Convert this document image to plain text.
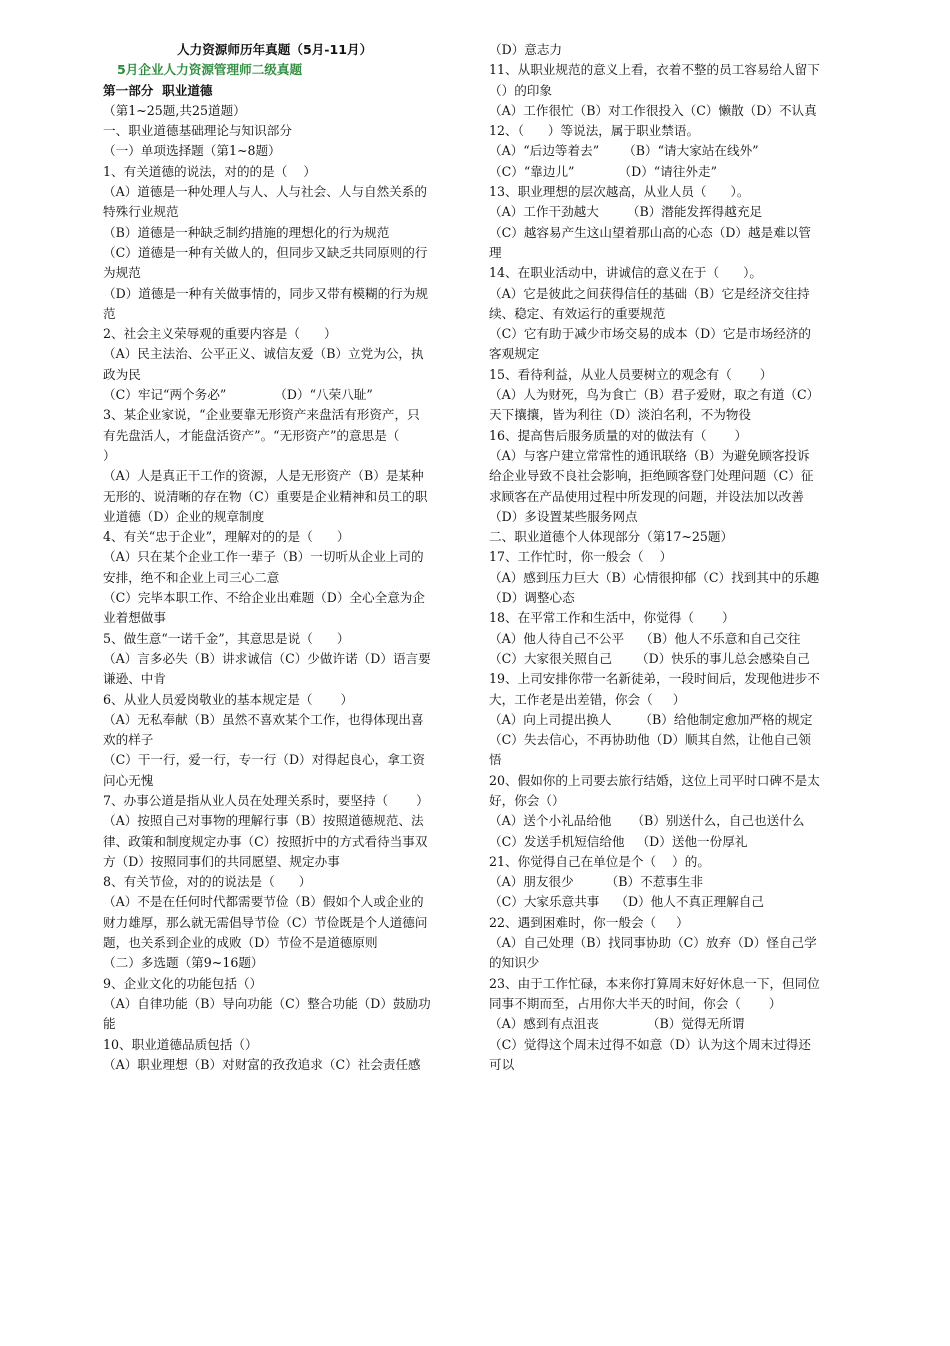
人力资源师历年真题（5月-11月）
5月企业人力资源管理师二级真题
第一部分  职业道德
（第1~25题,共25道题）
一、职业道德基础理论与知识部分
（一）单项选择题（第1~8题）
1、有关道德的说法，对的的是（    ）
（A）道德是一种处理人与人、人与社会、人与自然关系的
特殊行业规范
（B）道德是一种缺乏制约措施的理想化的行为规范
（C）道德是一种有关做人的，但同步又缺乏共同原则的行
为规范
（D）道德是一种有关做事情的，同步又带有模糊的行为规
范
2、社会主义荣辱观的重要内容是（      ）
（A）民主法治、公平正义、诚信友爱（B）立党为公，执
政为民
（C）牢记“两个务必”            （D）“八荣八耻”
3、某企业家说，“企业要靠无形资产来盘活有形资产，只
有先盘活人，才能盘活资产”。“无形资产”的意思是（
）
（A）人是真正干工作的资源，人是无形资产（B）是某种
无形的、说清晰的存在物（C）重要是企业精神和员工的职
业道德（D）企业的规章制度
4、有关“忠于企业”，理解对的的是（      ）
（A）只在某个企业工作一辈子（B）一切听从企业上司的
安排，绝不和企业上司三心二意
（C）完毕本职工作、不给企业出难题（D）全心全意为企
业着想做事
5、做生意“一诺千金”，其意思是说（      ）
（A）言多必失（B）讲求诚信（C）少做许诺（D）语言要
谦逊、中肯
6、从业人员爱岗敬业的基本规定是（       ）
（A）无私奉献（B）虽然不喜欢某个工作，也得体现出喜
欢的样子
（C）干一行，爱一行，专一行（D）对得起良心，拿工资
问心无愧
7、办事公道是指从业人员在处理关系时，要坚持（       ）
（A）按照自己对事物的理解行事（B）按照道德规范、法
律、政策和制度规定办事（C）按照折中的方式看待当事双
方（D）按照同事们的共同愿望、规定办事
8、有关节俭，对的的说法是（      ）
（A）不是在任何时代都需要节俭（B）假如个人或企业的
财力雄厚，那么就无需倡导节俭（C）节俭既是个人道德问
题，也关系到企业的成败（D）节俭不是道德原则
（二）多选题（第9~16题）
9、企业文化的功能包括（）
（A）自律功能（B）导向功能（C）整合功能（D）鼓励功
能
10、职业道德品质包括（）
（A）职业理想（B）对财富的孜孜追求（C）社会责任感
（D）意志力
11、从职业规范的意义上看，衣着不整的员工容易给人留下
（）的印象
（A）工作很忙（B）对工作很投入（C）懒散（D）不认真
12、（      ）等说法，属于职业禁语。
（A）“后边等着去”      （B）“请大家站在线外”
（C）“靠边儿”           （D）“请往外走”
13、职业理想的层次越高，从业人员（      ）。
（A）工作干劲越大       （B）潜能发挥得越充足
（C）越容易产生这山望着那山高的心态（D）越是难以管
理
14、在职业活动中，讲诚信的意义在于（      ）。
（A）它是彼此之间获得信任的基础（B）它是经济交往持
续、稳定、有效运行的重要规范
（C）它有助于减少市场交易的成本（D）它是市场经济的
客观规定
15、看待利益，从业人员要树立的观念有（       ）
（A）人为财死，鸟为食亡（B）君子爱财，取之有道（C）
天下攘攘，皆为利往（D）淡泊名利，不为物役
16、提高售后服务质量的对的做法有（       ）
（A）与客户建立常常性的通讯联络（B）为避免顾客投诉
给企业导致不良社会影响，拒绝顾客登门处理问题（C）征
求顾客在产品使用过程中所发现的问题，并设法加以改善
（D）多设置某些服务网点
二、职业道德个人体现部分（第17~25题）
17、工作忙时，你一般会（    ）
（A）感到压力巨大（B）心情很抑郁（C）找到其中的乐趣
（D）调整心态
18、在平常工作和生活中，你觉得（       ）
（A）他人待自己不公平    （B）他人不乐意和自己交往
（C）大家很关照自己      （D）快乐的事儿总会感染自己
19、上司安排你带一名新徒弟，一段时间后，发现他进步不
大，工作老是出差错，你会（     ）
（A）向上司提出换人       （B）给他制定愈加严格的规定
（C）失去信心，不再协助他（D）顺其自然，让他自己领
悟
20、假如你的上司要去旅行结婚，这位上司平时口碑不是太
好，你会（）
（A）送个小礼品给他     （B）别送什么，自己也送什么
（C）发送手机短信给他   （D）送他一份厚礼
21、你觉得自己在单位是个（    ）的。
（A）朋友很少        （B）不惹事生非
（C）大家乐意共事    （D）他人不真正理解自己
22、遇到困难时，你一般会（     ）
（A）自己处理（B）找同事协助（C）放弃（D）怪自己学
的知识少
23、由于工作忙碌，本来你打算周末好好休息一下，但同位
同事不期而至，占用你大半天的时间，你会（       ）
（A）感到有点沮丧            （B）觉得无所谓
（C）觉得这个周末过得不如意（D）认为这个周末过得还
可以
